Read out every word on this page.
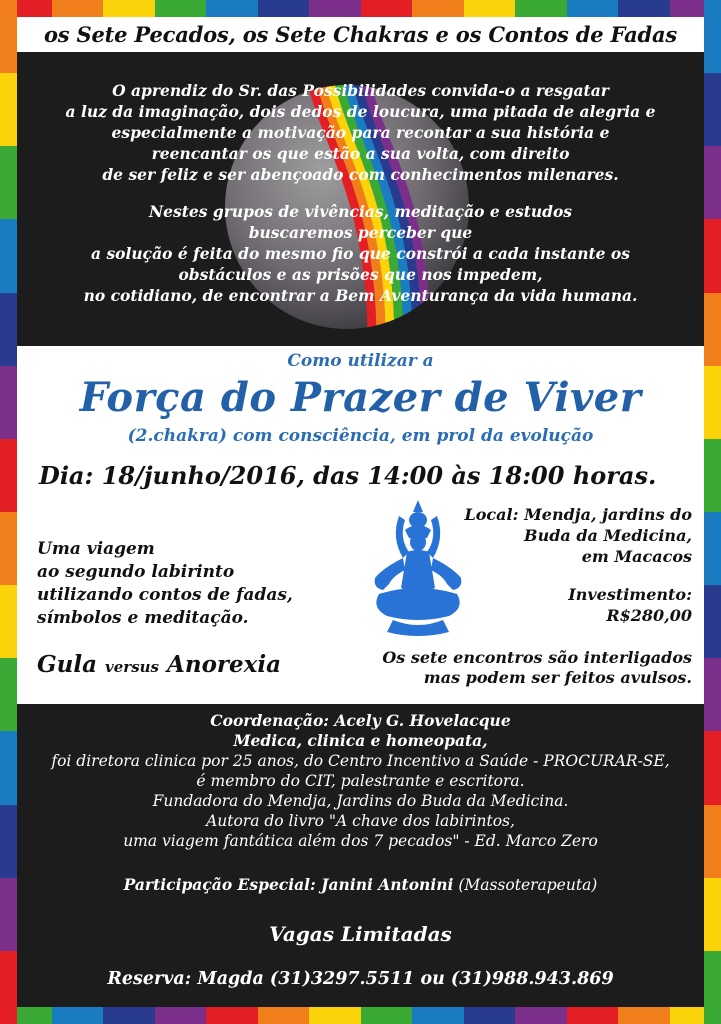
os Sete Pecados, os Sete Chakras e os Contos de Fadas

O aprendiz do Sr. das Possibilidades convida-o a resgatar
a luz da imaginação, dois dedos de loucura, uma pitada de alegria e
especialmente a motivação para recontar a sua história e
reencantar os que estão a sua volta, com direito
de ser feliz e ser abençoado com conhecimentos milenares.

Nestes grupos de vivências, meditação e estudos
buscaremos perceber que
a solução é feita do mesmo fio que constrói a cada instante os
obstáculos e as prisões que nos impedem,
no cotidiano, de encontrar a Bem Aventurança da vida humana.

Como utilizar a
Força do Prazer de Viver
(2.chakra) com consciência, em prol da evolução
Dia: 18/junho/2016, das 14:00 às 18:00 horas.
Uma viagem
ao segundo labirinto
utilizando contos de fadas,
símbolos e meditação.
Gula versus Anorexia
Local: Mendja, jardins do
Buda da Medicina,
em Macacos
Investimento:
R$280,00
Os sete encontros são interligados
mas podem ser feitos avulsos.
Coordenação: Acely G. Hovelacque
Medica, clinica e homeopata,
foi diretora clinica por 25 anos, do Centro Incentivo a Saúde - PROCURAR-SE,
é membro do CIT, palestrante e escritora.
Fundadora do Mendja, Jardins do Buda da Medicina.
Autora do livro "A chave dos labirintos,
uma viagem fantática além dos 7 pecados" - Ed. Marco Zero
Participação Especial: Janini Antonini (Massoterapeuta)
Vagas Limitadas
Reserva: Magda (31)3297.5511 ou (31)988.943.869
